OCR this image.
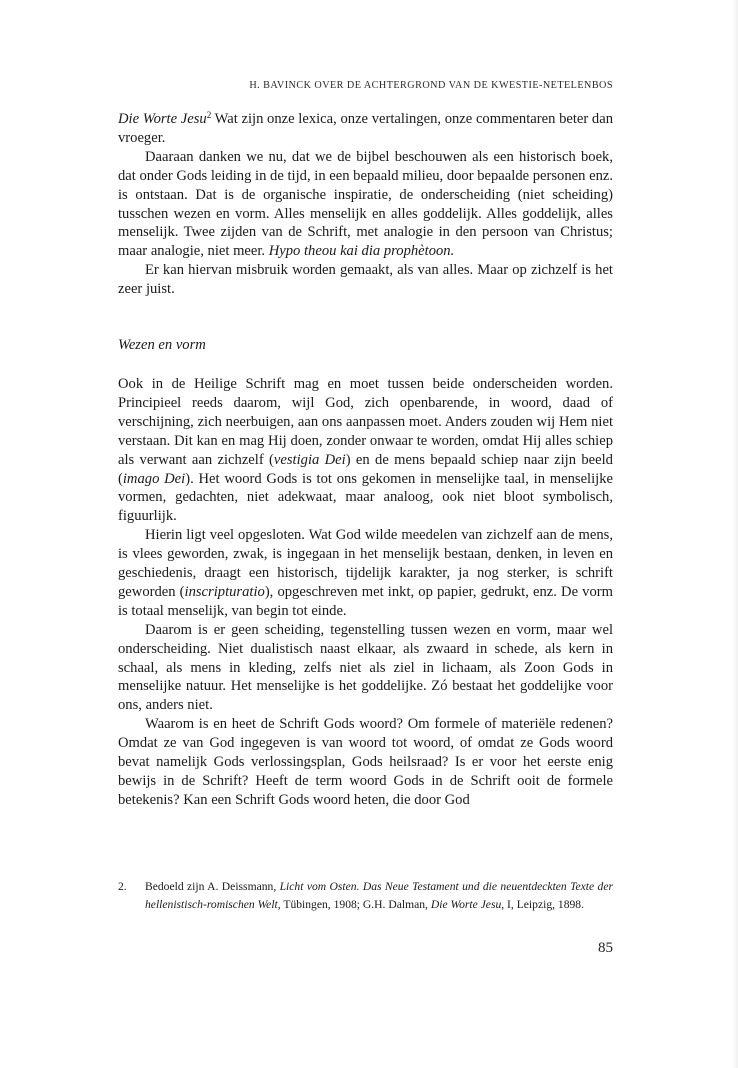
H. BAVINCK OVER DE ACHTERGROND VAN DE KWESTIE-NETELENBOS

Die Worte Jesu$^2$ Wat zijn onze lexica, onze vertalingen, onze commentaren beter dan vroeger.

Daaraan danken we nu, dat we de bijbel beschouwen als een historisch boek, dat onder Gods leiding in de tijd, in een bepaald milieu, door bepaalde personen enz. is ontstaan. Dat is de organische inspiratie, de onderscheiding (niet scheiding) tusschen wezen en vorm. Alles menselijk en alles goddelijk. Alles goddelijk, alles menselijk. Twee zijden van de Schrift, met analogie in den persoon van Christus; maar analogie, niet meer. Hypo theou kai dia prophètoon.

Er kan hiervan misbruik worden gemaakt, als van alles. Maar op zichzelf is het zeer juist.

Wezen en vorm

Ook in de Heilige Schrift mag en moet tussen beide onderscheiden worden. Principieel reeds daarom, wijl God, zich openbarende, in woord, daad of verschijning, zich neerbuigen, aan ons aanpassen moet. Anders zouden wij Hem niet verstaan. Dit kan en mag Hij doen, zonder onwaar te worden, omdat Hij alles schiep als verwant aan zichzelf (vestigia Dei) en de mens bepaald schiep naar zijn beeld (imago Dei). Het woord Gods is tot ons gekomen in menselijke taal, in menselijke vormen, gedachten, niet adekwaat, maar analoog, ook niet bloot symbolisch, figuurlijk.

Hierin ligt veel opgesloten. Wat God wilde meedelen van zichzelf aan de mens, is vlees geworden, zwak, is ingegaan in het menselijk bestaan, denken, in leven en geschiedenis, draagt een historisch, tijdelijk karakter, ja nog sterker, is schrift geworden (inscripturatio), opgeschreven met inkt, op papier, gedrukt, enz. De vorm is totaal menselijk, van begin tot einde.

Daarom is er geen scheiding, tegenstelling tussen wezen en vorm, maar wel onderscheiding. Niet dualistisch naast elkaar, als zwaard in schede, als kern in schaal, als mens in kleding, zelfs niet als ziel in lichaam, als Zoon Gods in menselijke natuur. Het menselijke is het goddelijke. Zó bestaat het goddelijke voor ons, anders niet.

Waarom is en heet de Schrift Gods woord? Om formele of materiële redenen? Omdat ze van God ingegeven is van woord tot woord, of omdat ze Gods woord bevat namelijk Gods verlossingsplan, Gods heilsraad? Is er voor het eerste enig bewijs in de Schrift? Heeft de term woord Gods in de Schrift ooit de formele betekenis? Kan een Schrift Gods woord heten, die door God

2. Bedoeld zijn A. Deissmann, Licht vom Osten. Das Neue Testament und die neuentdeckten Texte der hellenistisch-romischen Welt, Tübingen, 1908; G.H. Dalman, Die Worte Jesu, I, Leipzig, 1898.
85
